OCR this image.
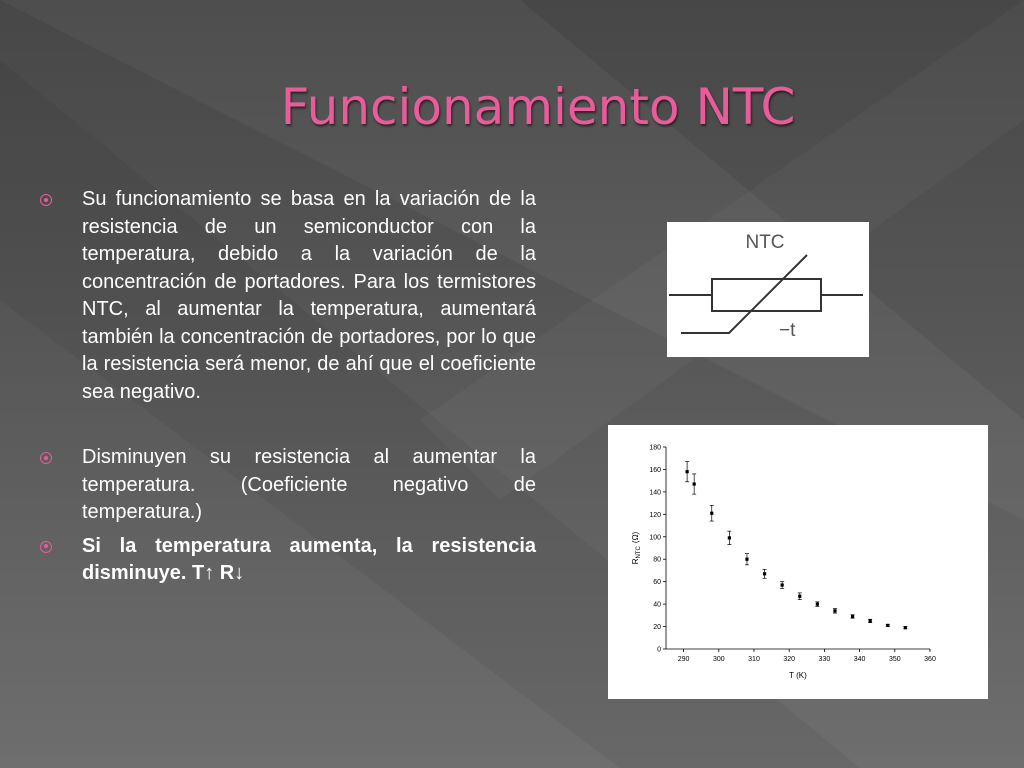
Funcionamiento NTC
Su funcionamiento se basa en la variación de la resistencia de un semiconductor con la temperatura, debido a la variación de la concentración de portadores. Para los termistores NTC, al aumentar la temperatura, aumentará también la concentración de portadores, por lo que la resistencia será menor, de ahí que el coeficiente sea negativo.
Disminuyen su resistencia al aumentar la temperatura. (Coeficiente negativo de temperatura.)
Si la temperatura aumenta, la resistencia disminuye. T↑ R↓
NTC
−t
290	300	310	320	330	340	350	360
0
20
40
60
80
100
120
140
160
180
T (K)
$R_{NTC}(\Omega)$
